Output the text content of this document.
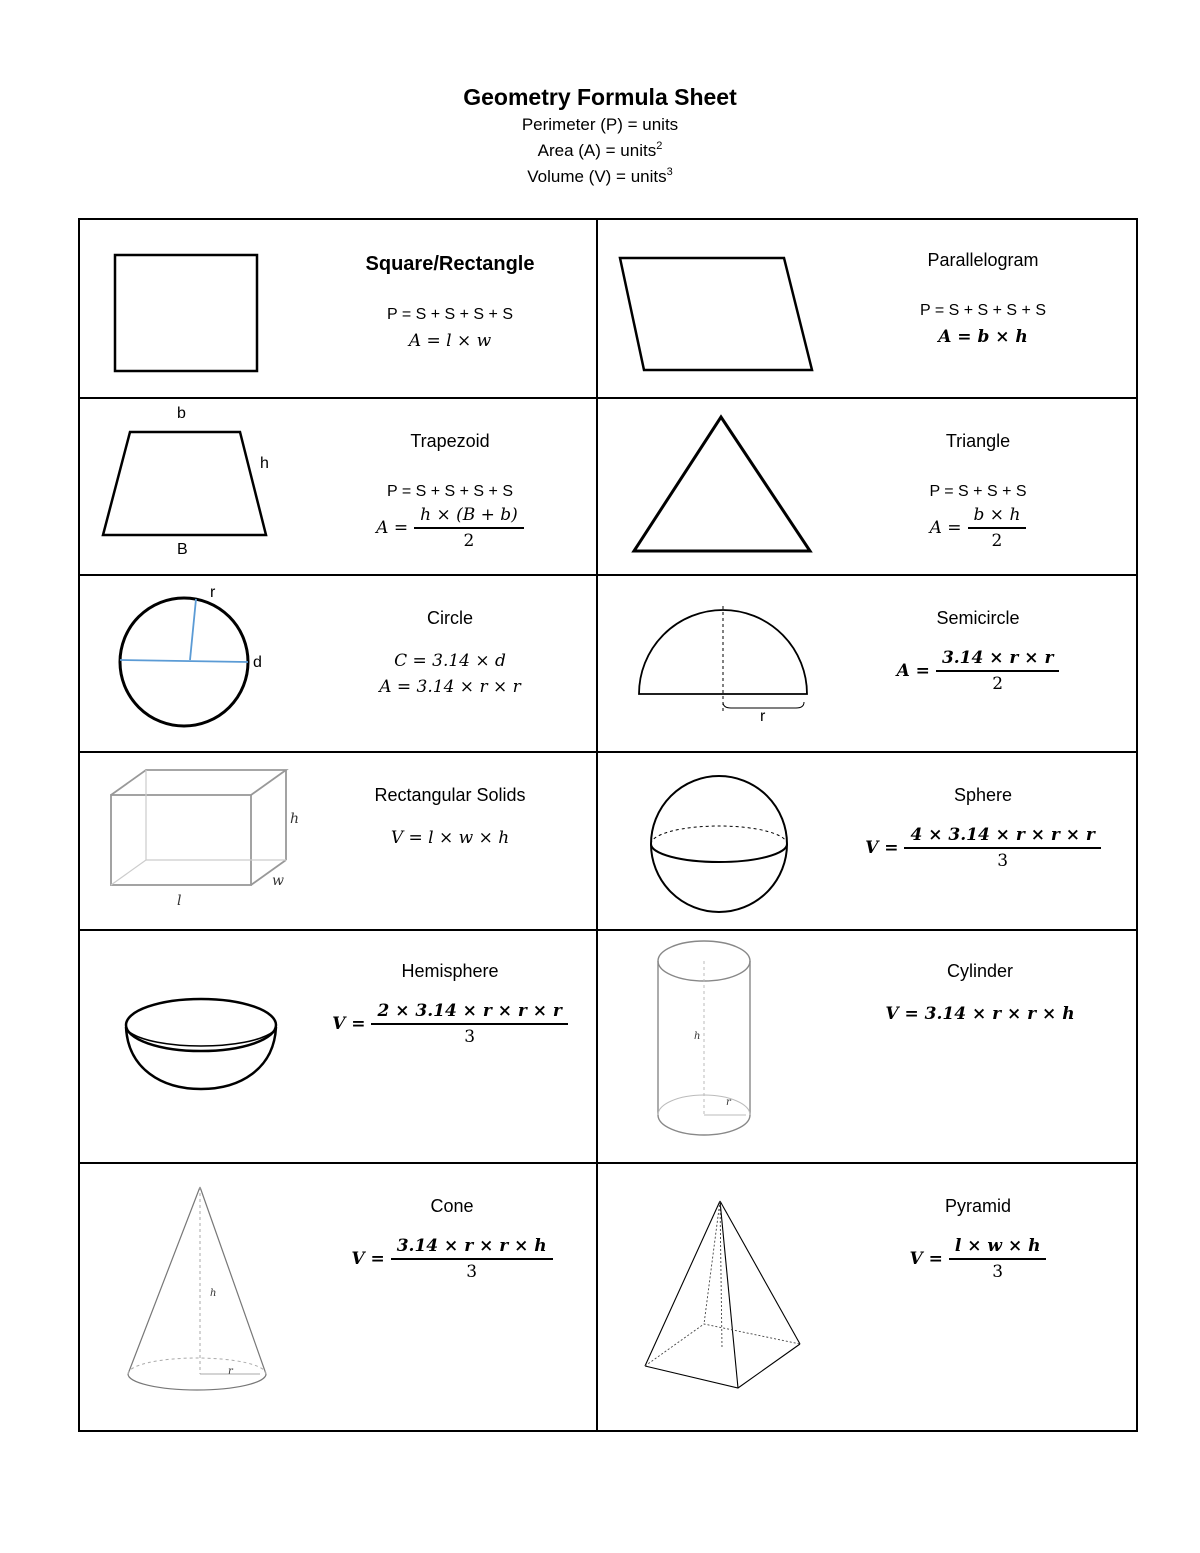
Geometry Formula Sheet
Perimeter (P) = units
Area (A) = units$^2$
Volume (V) = units$^3$
Square/Rectangle
P = S + S + S + S
A = l × w
Parallelogram
P = S + S + S + S
A = b × h
b
h
B
Trapezoid
P = S + S + S + S
$A = \frac{h \times (B + b)}{2}$
Triangle
P = S + S + S
$A = \frac{b \times h}{2}$
r
d
Circle
C = 3.14 × d
A = 3.14 × r × r
r
Semicircle
$A = \frac{3.14 \times r \times r}{2}$
h
w
l
Rectangular Solids
V = l × w × h
Sphere
$V = \frac{4 \times 3.14 \times r \times r \times r}{3}$
Hemisphere
$V = \frac{2 \times 3.14 \times r \times r \times r}{3}$	h
r
Cylinder
V = 3.14 × r × r × h
h
r
Cone
$V = \frac{3.14 \times r \times r \times h}{3}$
Pyramid
$V = \frac{l \times w \times h}{3}$
